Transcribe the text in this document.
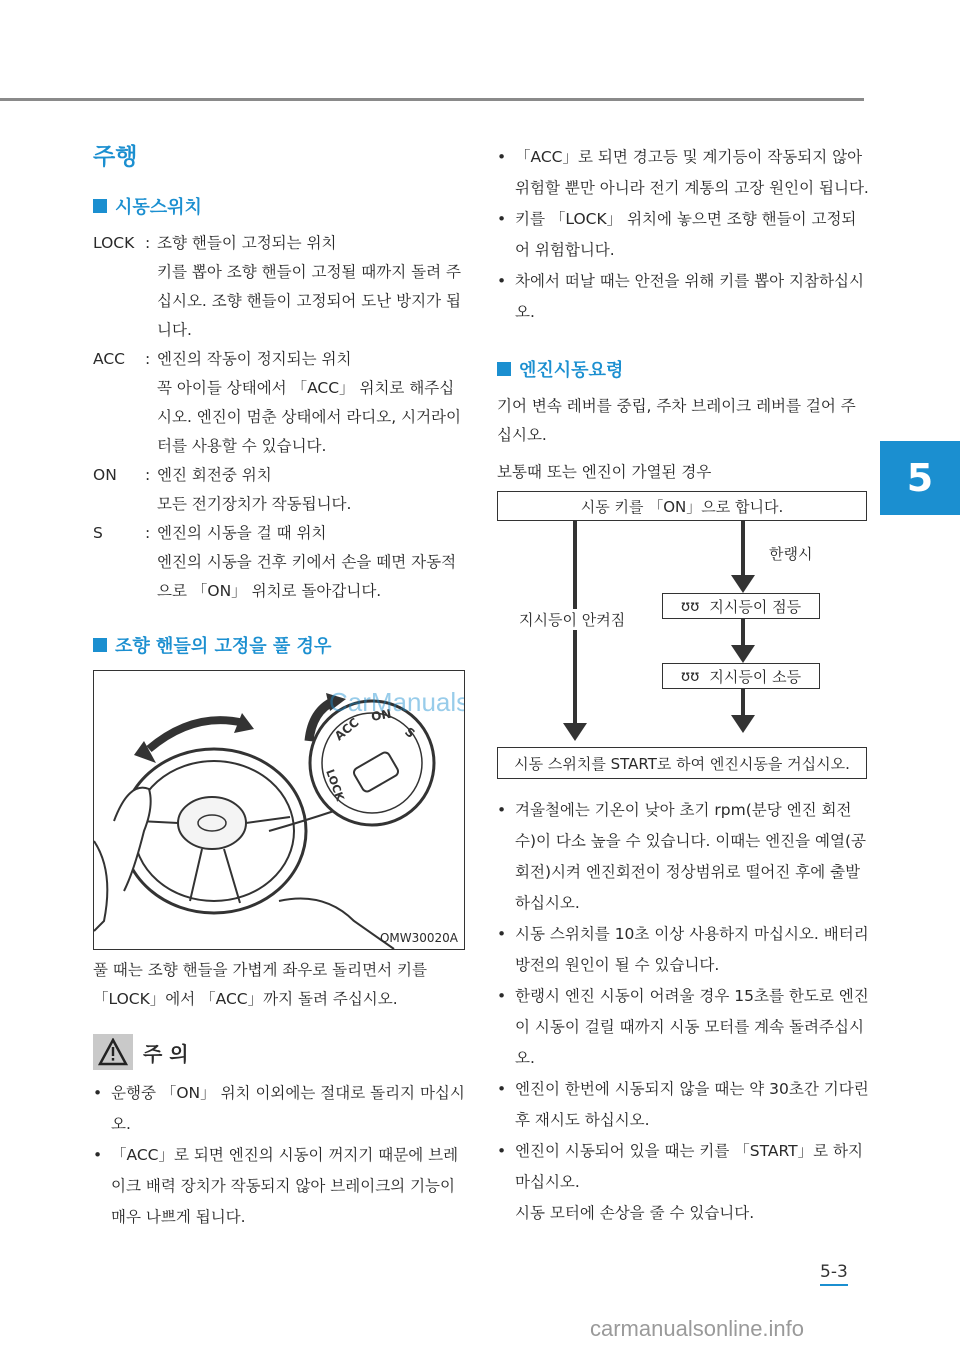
5
주행
시동스위치
LOCK : 조향 핸들이 고정되는 위치
키를 뽑아 조향 핸들이 고정될 때까지 돌려 주십시오. 조향 핸들이 고정되어 도난 방지가 됩니다.
ACC	: 엔진의 작동이 정지되는 위치
꼭 아이들 상태에서 「ACC」 위치로 해주십시오. 엔진이 멈춘 상태에서 라디오, 시거라이터를 사용할 수 있습니다.
ON	: 엔진 회전중 위치
모든 전기장치가 작동됩니다.
S	: 엔진의 시동을 걸 때 위치
엔진의 시동을 건후 키에서 손을 떼면 자동적으로 「ON」 위치로 돌아갑니다.
조향 핸들의 고정을 풀 경우
LOCK
ACC ON
S
CarManuals
OMW30020A
풀 때는 조향 핸들을 가볍게 좌우로 돌리면서 키를 「LOCK」에서 「ACC」까지 돌려 주십시오.
주 의
• 운행중 「ON」 위치 이외에는 절대로 돌리지 마십시오.
• 「ACC」로 되면 엔진의 시동이 꺼지기 때문에 브레이크 배력 장치가 작동되지 않아 브레이크의 기능이 매우 나쁘게 됩니다.
• 「ACC」로 되면 경고등 및 계기등이 작동되지 않아 위험할 뿐만 아니라 전기 계통의 고장 원인이 됩니다.
• 키를 「LOCK」 위치에 놓으면 조향 핸들이 고정되어 위험합니다.
• 차에서 떠날 때는 안전을 위해 키를 뽑아 지참하십시오.
엔진시동요령
기어 변속 레버를 중립, 주차 브레이크 레버를 걸어 주십시오.
보통때 또는 엔진이 가열된 경우
시동 키를 「ON」으로 합니다.
한랭시
지시등이 안켜짐
ʊʊ 지시등이 점등
ʊʊ 지시등이 소등
시동 스위치를 START로 하여 엔진시동을 거십시오.
• 겨울철에는 기온이 낮아 초기 rpm(분당 엔진 회전수)이 다소 높을 수 있습니다. 이때는 엔진을 예열(공회전)시켜 엔진회전이 정상범위로 떨어진 후에 출발 하십시오.
• 시동 스위치를 10초 이상 사용하지 마십시오. 배터리 방전의 원인이 될 수 있습니다.
• 한랭시 엔진 시동이 어려울 경우 15초를 한도로 엔진이 시동이 걸릴 때까지 시동 모터를 계속 돌려주십시오.
• 엔진이 한번에 시동되지 않을 때는 약 30초간 기다린 후 재시도 하십시오.
• 엔진이 시동되어 있을 때는 키를 「START」로 하지 마십시오.
시동 모터에 손상을 줄 수 있습니다.
5-3
carmanualsonline.info
